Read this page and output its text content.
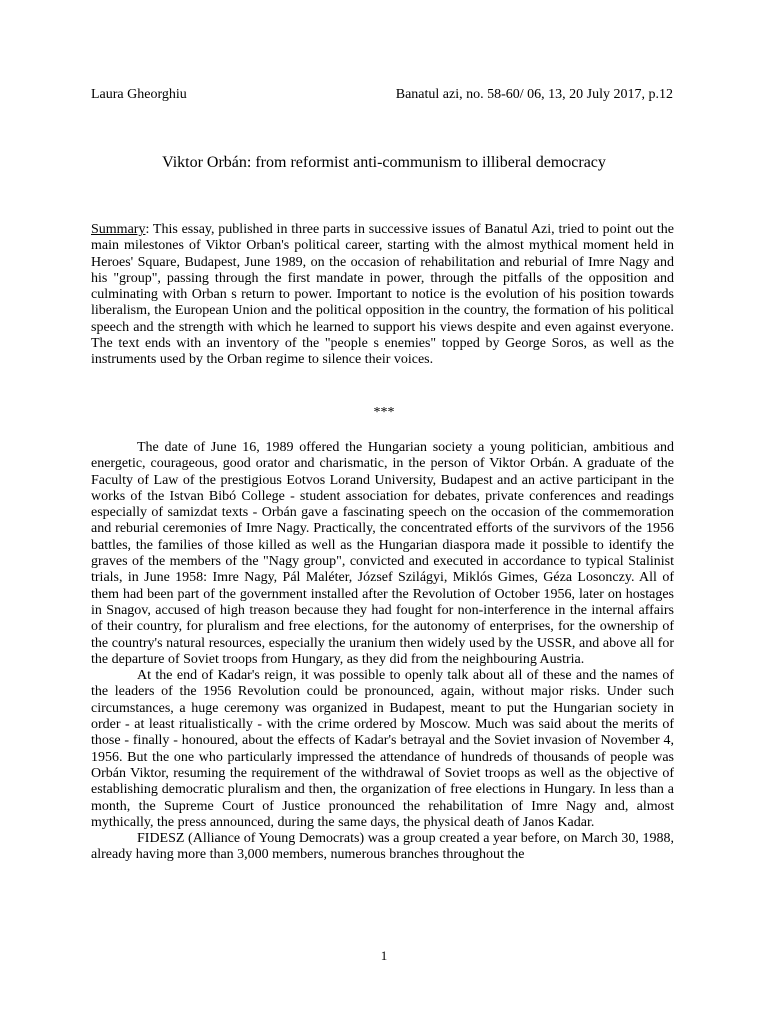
Laura Gheorghiu	Banatul azi, no. 58-60/ 06, 13, 20 July 2017, p.12
Viktor Orbán: from reformist anti-communism to illiberal democracy
Summary: This essay, published in three parts in successive issues of Banatul Azi, tried to point out the main milestones of Viktor Orban's political career, starting with the almost mythical moment held in Heroes' Square, Budapest, June 1989, on the occasion of rehabilitation and reburial of Imre Nagy and his "group", passing through the first mandate in power, through the pitfalls of the opposition and culminating with Orban s return to power. Important to notice is the evolution of his position towards liberalism, the European Union and the political opposition in the country, the formation of his political speech and the strength with which he learned to support his views despite and even against everyone. The text ends with an inventory of the "people s enemies" topped by George Soros, as well as the instruments used by the Orban regime to silence their voices.
***

The date of June 16, 1989 offered the Hungarian society a young politician, ambitious and energetic, courageous, good orator and charismatic, in the person of Viktor Orbán. A graduate of the Faculty of Law of the prestigious Eotvos Lorand University, Budapest and an active participant in the works of the Istvan Bibó College - student association for debates, private conferences and readings especially of samizdat texts - Orbán gave a fascinating speech on the occasion of the commemoration and reburial ceremonies of Imre Nagy. Practically, the concentrated efforts of the survivors of the 1956 battles, the families of those killed as well as the Hungarian diaspora made it possible to identify the graves of the members of the "Nagy group", convicted and executed in accordance to typical Stalinist trials, in June 1958: Imre Nagy, Pál Maléter, József Szilágyi, Miklós Gimes, Géza Losonczy. All of them had been part of the government installed after the Revolution of October 1956, later on hostages in Snagov, accused of high treason because they had fought for non-interference in the internal affairs of their country, for pluralism and free elections, for the autonomy of enterprises, for the ownership of the country's natural resources, especially the uranium then widely used by the USSR, and above all for the departure of Soviet troops from Hungary, as they did from the neighbouring Austria.

At the end of Kadar's reign, it was possible to openly talk about all of these and the names of the leaders of the 1956 Revolution could be pronounced, again, without major risks. Under such circumstances, a huge ceremony was organized in Budapest, meant to put the Hungarian society in order - at least ritualistically - with the crime ordered by Moscow. Much was said about the merits of those - finally - honoured, about the effects of Kadar's betrayal and the Soviet invasion of November 4, 1956. But the one who particularly impressed the attendance of hundreds of thousands of people was Orbán Viktor, resuming the requirement of the withdrawal of Soviet troops as well as the objective of establishing democratic pluralism and then, the organization of free elections in Hungary. In less than a month, the Supreme Court of Justice pronounced the rehabilitation of Imre Nagy and, almost mythically, the press announced, during the same days, the physical death of Janos Kadar.

FIDESZ (Alliance of Young Democrats) was a group created a year before, on March 30, 1988, already having more than 3,000 members, numerous branches throughout the

1
